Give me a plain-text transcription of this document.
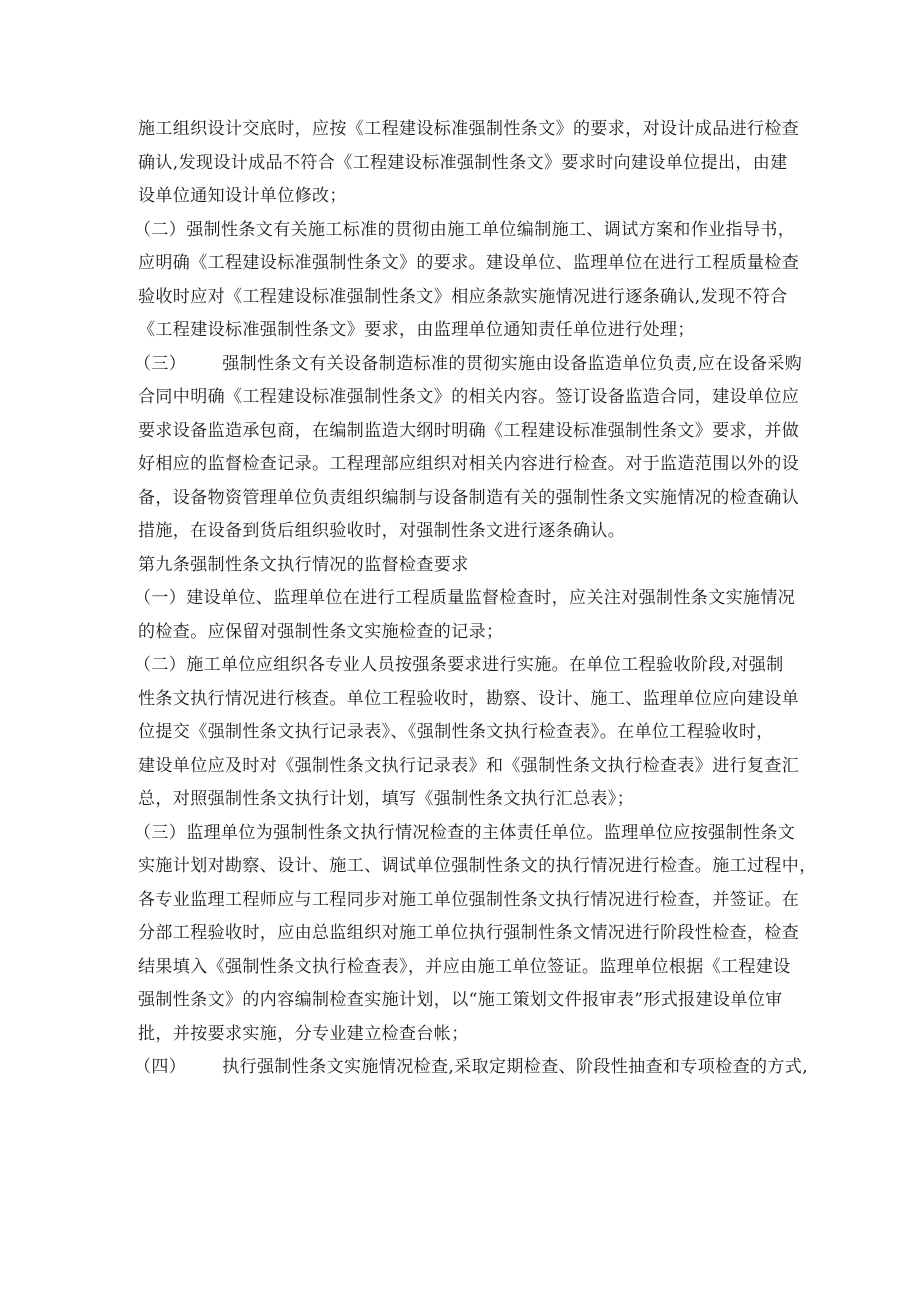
施工组织设计交底时，应按《工程建设标准强制性条文》的要求，对设计成品进行检查
确认,发现设计成品不符合《工程建设标准强制性条文》要求时向建设单位提出，由建
设单位通知设计单位修改；
（二）强制性条文有关施工标准的贯彻由施工单位编制施工、调试方案和作业指导书，
应明确《工程建设标准强制性条文》的要求。建设单位、监理单位在进行工程质量检查
验收时应对《工程建设标准强制性条文》相应条款实施情况进行逐条确认,发现不符合
《工程建设标准强制性条文》要求，由监理单位通知责任单位进行处理；
（三） 强制性条文有关设备制造标准的贯彻实施由设备监造单位负责,应在设备采购
合同中明确《工程建设标准强制性条文》的相关内容。签订设备监造合同，建设单位应
要求设备监造承包商，在编制监造大纲时明确《工程建设标准强制性条文》要求，并做
好相应的监督检查记录。工程理部应组织对相关内容进行检查。对于监造范围以外的设
备，设备物资管理单位负责组织编制与设备制造有关的强制性条文实施情况的检查确认
措施，在设备到货后组织验收时，对强制性条文进行逐条确认。
第九条强制性条文执行情况的监督检查要求
（一）建设单位、监理单位在进行工程质量监督检查时，应关注对强制性条文实施情况
的检查。应保留对强制性条文实施检查的记录；
（二）施工单位应组织各专业人员按强条要求进行实施。在单位工程验收阶段,对强制
性条文执行情况进行核查。单位工程验收时，勘察、设计、施工、监理单位应向建设单
位提交《强制性条文执行记录表》、《强制性条文执行检查表》。在单位工程验收时，
建设单位应及时对《强制性条文执行记录表》和《强制性条文执行检查表》进行复查汇
总，对照强制性条文执行计划，填写《强制性条文执行汇总表》；
（三）监理单位为强制性条文执行情况检查的主体责任单位。监理单位应按强制性条文
实施计划对勘察、设计、施工、调试单位强制性条文的执行情况进行检查。施工过程中，
各专业监理工程师应与工程同步对施工单位强制性条文执行情况进行检查，并签证。在
分部工程验收时，应由总监组织对施工单位执行强制性条文情况进行阶段性检查，检查
结果填入《强制性条文执行检查表》，并应由施工单位签证。监理单位根据《工程建设
强制性条文》的内容编制检查实施计划，以“施工策划文件报审表”形式报建设单位审
批，并按要求实施，分专业建立检查台帐；
（四） 执行强制性条文实施情况检查,采取定期检查、阶段性抽查和专项检查的方式,
